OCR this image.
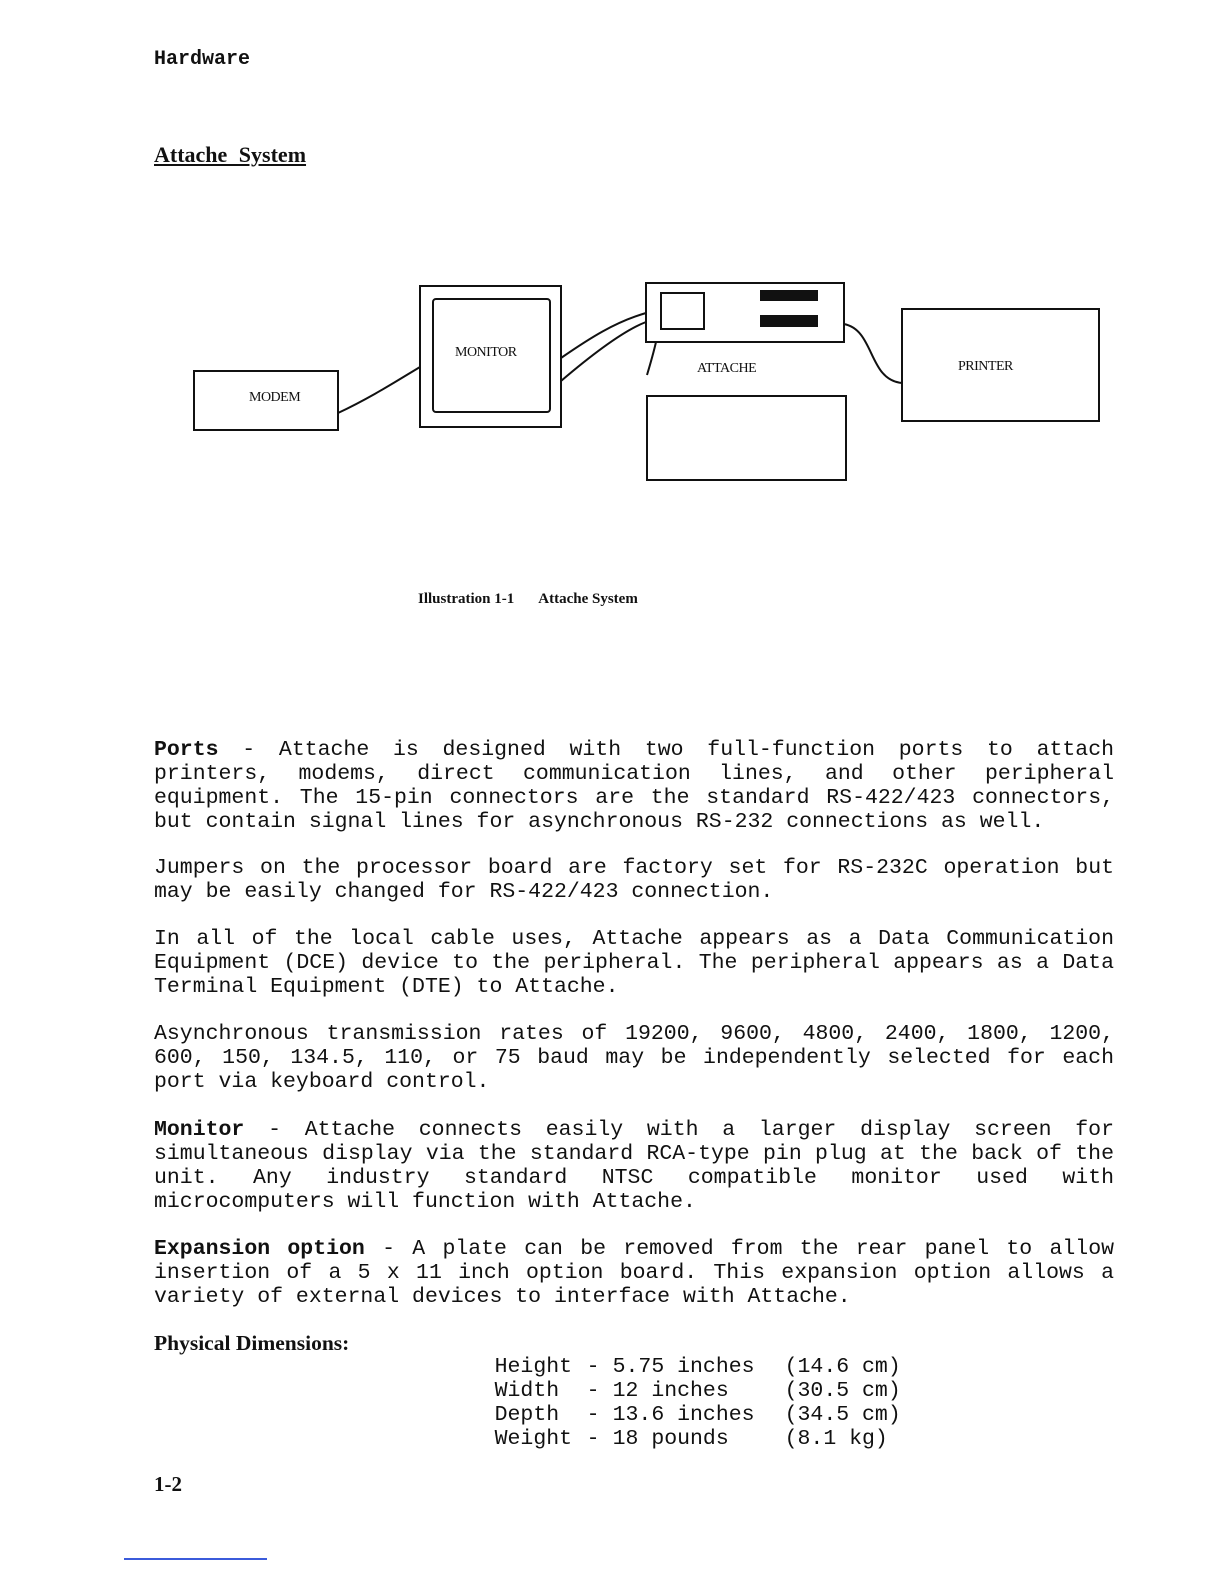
Hardware
Attache System
MODEM
MONITOR
ATTACHE	PRINTER
Illustration 1-1 Attache System
Ports - Attache is designed with two full-function ports to attach printers, modems, direct communication lines, and other peripheral equipment. The 15-pin connectors are the standard RS-422/423 connectors, but contain signal lines for asynchronous RS-232 connections as well.
Jumpers on the processor board are factory set for RS-232C operation but may be easily changed for RS-422/423 connection.
In all of the local cable uses, Attache appears as a Data Communication Equipment (DCE) device to the peripheral. The peripheral appears as a Data Terminal Equipment (DTE) to Attache.
Asynchronous transmission rates of 19200, 9600, 4800, 2400, 1800, 1200, 600, 150, 134.5, 110, or 75 baud may be independently selected for each port via keyboard control.
Monitor - Attache connects easily with a larger display screen for simultaneous display via the standard RCA-type pin plug at the back of the unit. Any industry standard NTSC compatible monitor used with microcomputers will function with Attache.
Expansion option - A plate can be removed from the rear panel to allow insertion of a 5 x 11 inch option board. This expansion option allows a variety of external devices to interface with Attache.
Physical Dimensions:

Height - 5.75 inches (14.6 cm)

Width - 12 inches	(30.5 cm)

Depth - 13.6 inches (34.5 cm)

Weight - 18 pounds	(8.1 kg)

1-2
